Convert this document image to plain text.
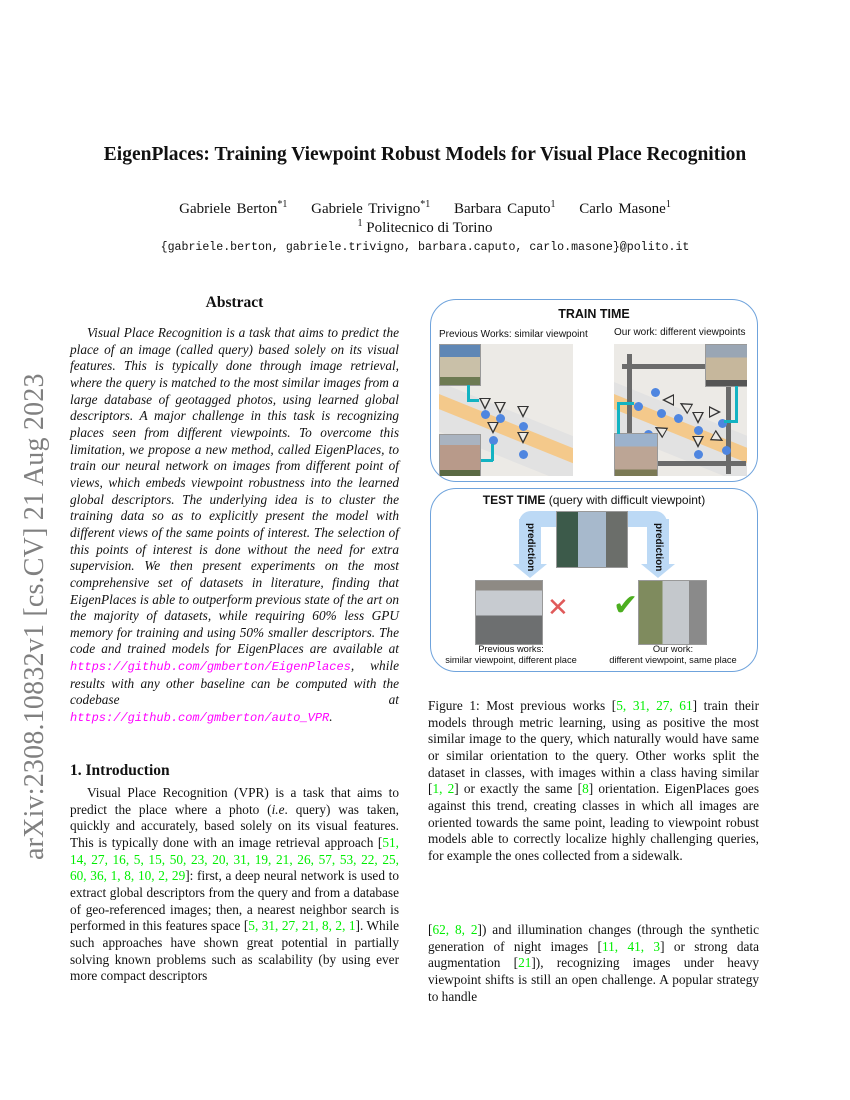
arXiv:2308.10832v1 [cs.CV] 21 Aug 2023
EigenPlaces: Training Viewpoint Robust Models for Visual Place Recognition
Gabriele Berton$^{*1}$ Gabriele Trivigno$^{*1}$ Barbara Caputo$^1$ Carlo Masone$^1$
$^1$ Politecnico di Torino
{gabriele.berton, gabriele.trivigno, barbara.caputo, carlo.masone}@polito.it
Abstract
Visual Place Recognition is a task that aims to predict the place of an image (called query) based solely on its visual features. This is typically done through image retrieval, where the query is matched to the most similar images from a large database of geotagged photos, using learned global descriptors. A major challenge in this task is recognizing places seen from different viewpoints. To overcome this limitation, we propose a new method, called EigenPlaces, to train our neural network on images from different point of views, which embeds viewpoint robustness into the learned global descriptors. The underlying idea is to cluster the training data so as to explicitly present the model with different views of the same points of interest. The selection of this points of interest is done without the need for extra supervision. We then present experiments on the most comprehensive set of datasets in literature, finding that EigenPlaces is able to outperform previous state of the art on the majority of datasets, while requiring 60% less GPU memory for training and using 50% smaller descriptors. The code and trained models for EigenPlaces are available at https://github.com/gmberton/EigenPlaces, while results with any other baseline can be computed with the codebase at https://github.com/gmberton/auto_VPR.
1. Introduction
Visual Place Recognition (VPR) is a task that aims to predict the place where a photo (i.e. query) was taken, quickly and accurately, based solely on its visual features. This is typically done with an image retrieval approach [51, 14, 27, 16, 5, 15, 50, 23, 20, 31, 19, 21, 26, 57, 53, 22, 25, 60, 36, 1, 8, 10, 2, 29]: first, a deep neural network is used to extract global descriptors from the query and from a database of geo-referenced images; then, a nearest neighbor search is performed in this features space [5, 31, 27, 21, 8, 2, 1]. While such approaches have shown great potential in partially solving known problems such as scalability (by using ever more compact descriptors
TRAIN TIME
Previous Works: similar viewpoint	Our work: different viewpoints
TEST TIME (query with difficult viewpoint)
prediction	prediction
✕ ✔
Previous works:
similar viewpoint, different place
Our work:
different viewpoint, same place
Figure 1: Most previous works [5, 31, 27, 61] train their models through metric learning, using as positive the most similar image to the query, which naturally would have same or similar orientation to the query. Other works split the dataset in classes, with images within a class having similar [1, 2] or exactly the same [8] orientation. EigenPlaces goes against this trend, creating classes in which all images are oriented towards the same point, leading to viewpoint robust models able to correctly localize highly challenging queries, for example the ones collected from a sidewalk.
[62, 8, 2]) and illumination changes (through the synthetic generation of night images [11, 41, 3] or strong data augmentation [21]), recognizing images under heavy viewpoint shifts is still an open challenge. A popular strategy to handle
